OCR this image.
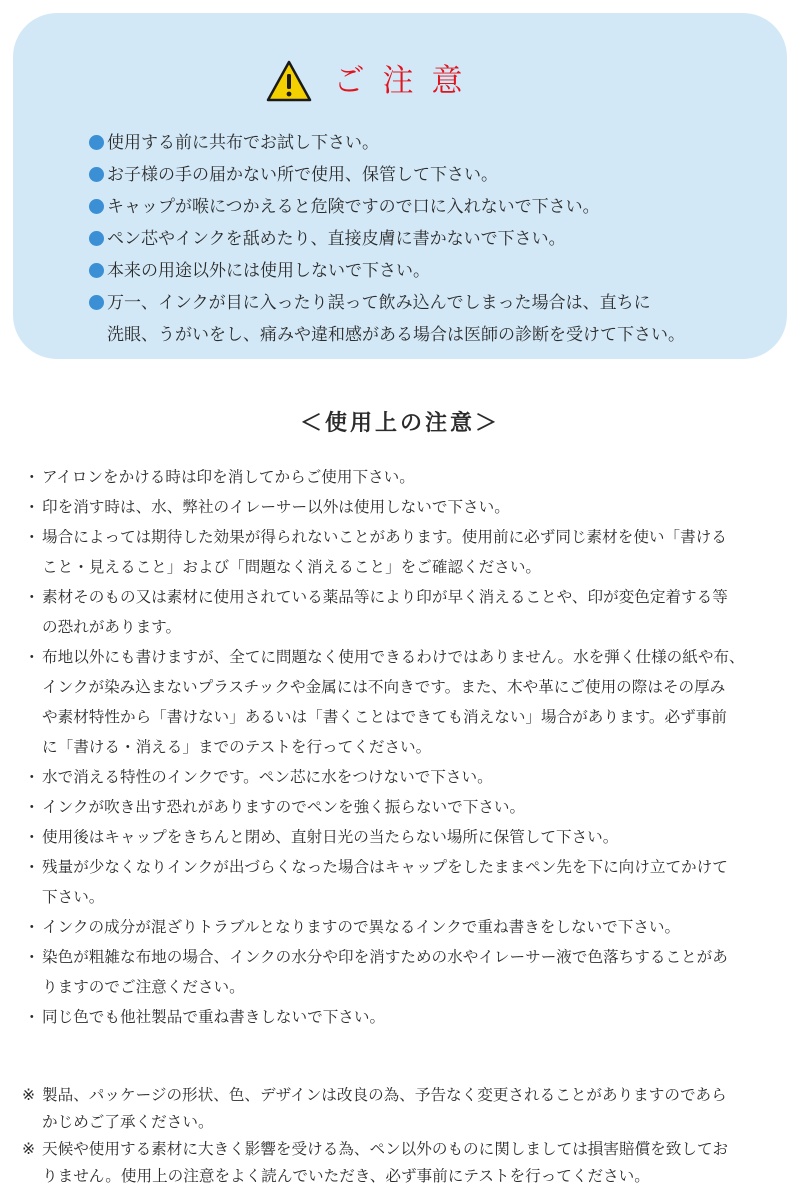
ご注意
使用する前に共布でお試し下さい。
お子様の手の届かない所で使用、保管して下さい。
キャップが喉につかえると危険ですので口に入れないで下さい。
ペン芯やインクを舐めたり、直接皮膚に書かないで下さい。
本来の用途以外には使用しないで下さい。
万一、インクが目に入ったり誤って飲み込んでしまった場合は、直ちに
洗眼、うがいをし、痛みや違和感がある場合は医師の診断を受けて下さい。
＜使用上の注意＞
・ アイロンをかける時は印を消してからご使用下さい。
・ 印を消す時は、水、弊社のイレーサー以外は使用しないで下さい。
・ 場合によっては期待した効果が得られないことがあります。使用前に必ず同じ素材を使い「書ける
こと・見えること」および「問題なく消えること」をご確認ください。
・ 素材そのもの又は素材に使用されている薬品等により印が早く消えることや、印が変色定着する等
の恐れがあります。
・ 布地以外にも書けますが、全てに問題なく使用できるわけではありません。水を弾く仕様の紙や布、
インクが染み込まないプラスチックや金属には不向きです。また、木や革にご使用の際はその厚み
や素材特性から「書けない」あるいは「書くことはできても消えない」場合があります。必ず事前
に「書ける・消える」までのテストを行ってください。
・ 水で消える特性のインクです。ペン芯に水をつけないで下さい。
・ インクが吹き出す恐れがありますのでペンを強く振らないで下さい。
・ 使用後はキャップをきちんと閉め、直射日光の当たらない場所に保管して下さい。
・ 残量が少なくなりインクが出づらくなった場合はキャップをしたままペン先を下に向け立てかけて
下さい。
・ インクの成分が混ざりトラブルとなりますので異なるインクで重ね書きをしないで下さい。
・ 染色が粗雑な布地の場合、インクの水分や印を消すための水やイレーサー液で色落ちすることがあ
りますのでご注意ください。
・ 同じ色でも他社製品で重ね書きしないで下さい。
※ 製品、パッケージの形状、色、デザインは改良の為、予告なく変更されることがありますのであら
かじめご了承ください。
※ 天候や使用する素材に大きく影響を受ける為、ペン以外のものに関しましては損害賠償を致してお
りません。使用上の注意をよく読んでいただき、必ず事前にテストを行ってください。
